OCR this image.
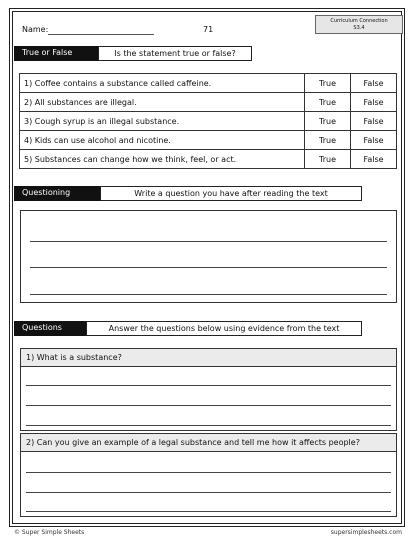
Name:	71
Curriculum Connection
S3.4
True or False	Is the statement true or false?
1) Coffee contains a substance called caffeine.	True	False
2) All substances are illegal.	True	False
3) Cough syrup is an illegal substance.	True	False
4) Kids can use alcohol and nicotine.	True	False
5) Substances can change how we think, feel, or act.	True	False
Questioning	Write a question you have after reading the text
Questions	Answer the questions below using evidence from the text
1) What is a substance?
2) Can you give an example of a legal substance and tell me how it affects people?
© Super Simple Sheets	supersimplesheets.com
